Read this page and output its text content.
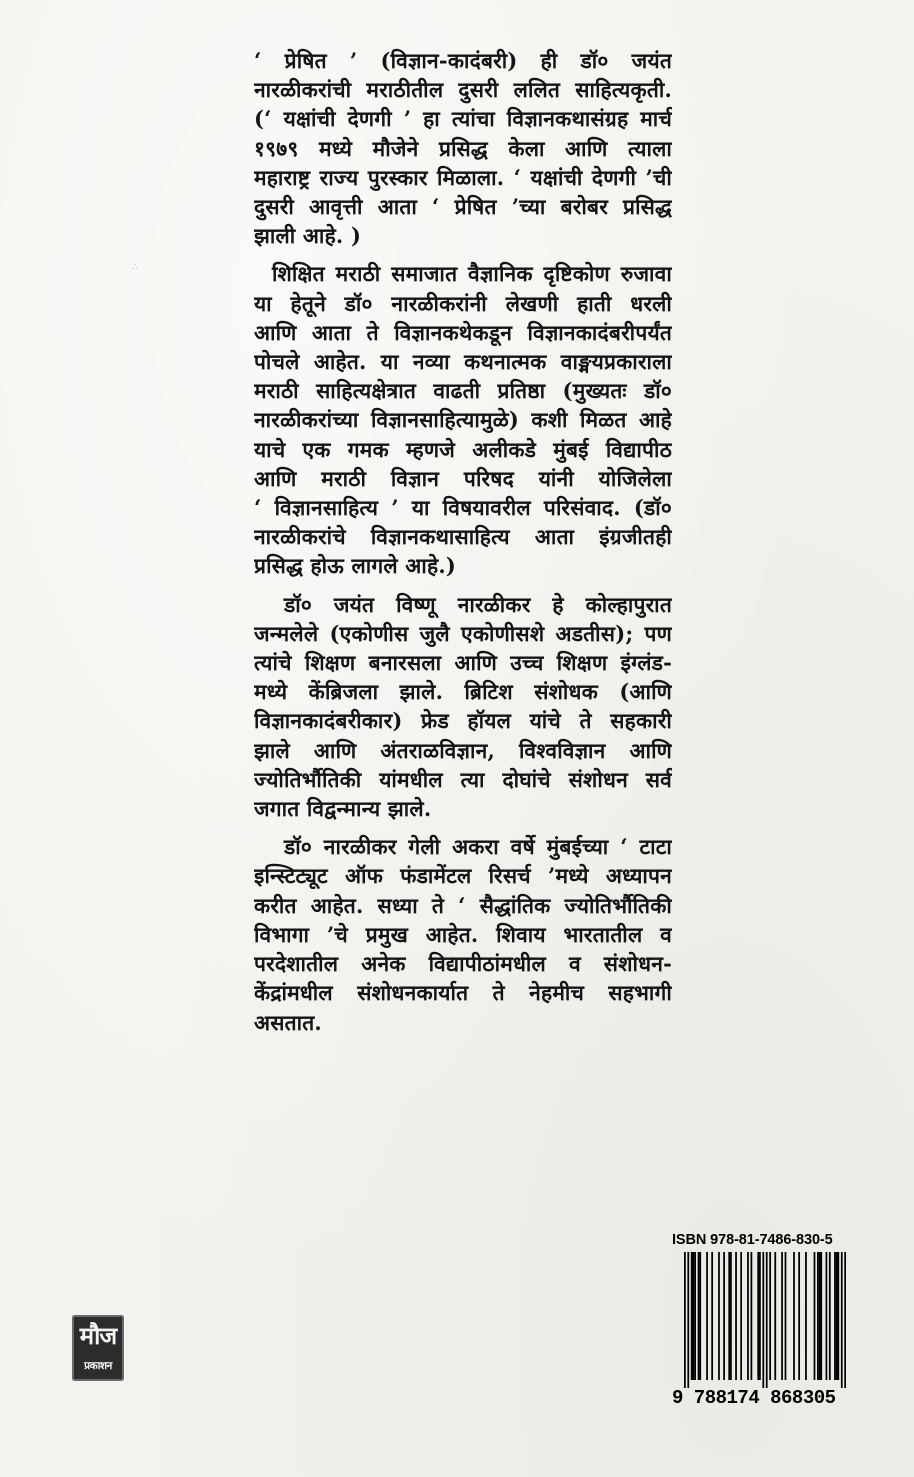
∴

‘ प्रेषित ’ (विज्ञान-कादंबरी) ही डॉ० जयंत
नारळीकरांची मराठीतील दुसरी ललित साहित्यकृती.
(‘ यक्षांची देणगी ’ हा त्यांचा विज्ञानकथासंग्रह मार्च
१९७९ मध्ये मौजेने प्रसिद्ध केला आणि त्याला
महाराष्ट्र राज्य पुरस्कार मिळाला. ‘ यक्षांची देणगी ’ची
दुसरी आवृत्ती आता ‘ प्रेषित ’च्या बरोबर प्रसिद्ध
झाली आहे. )

शिक्षित मराठी समाजात वैज्ञानिक दृष्टिकोण रुजावा
या हेतूने डॉ० नारळीकरांनी लेखणी हाती धरली
आणि आता ते विज्ञानकथेकडून विज्ञानकादंबरीपर्यंत
पोचले आहेत. या नव्या कथनात्मक वाङ्मयप्रकाराला
मराठी साहित्यक्षेत्रात वाढती प्रतिष्ठा (मुख्यतः डॉ०
नारळीकरांच्या विज्ञानसाहित्यामुळे) कशी मिळत आहे
याचे एक गमक म्हणजे अलीकडे मुंबई विद्यापीठ
आणि मराठी विज्ञान परिषद यांनी योजिलेला
‘ विज्ञानसाहित्य ’ या विषयावरील परिसंवाद. (डॉ०
नारळीकरांचे विज्ञानकथासाहित्य आता इंग्रजीतही
प्रसिद्ध होऊ लागले आहे.)

डॉ० जयंत विष्णू नारळीकर हे कोल्हापुरात
जन्मलेले (एकोणीस जुलै एकोणीसशे अडतीस); पण
त्यांचे शिक्षण बनारसला आणि उच्च शिक्षण इंग्लंड-
मध्ये केंब्रिजला झाले. ब्रिटिश संशोधक (आणि
विज्ञानकादंबरीकार) फ्रेड हॉयल यांचे ते सहकारी
झाले आणि अंतराळविज्ञान, विश्वविज्ञान आणि
ज्योतिर्भौतिकी यांमधील त्या दोघांचे संशोधन सर्व
जगात विद्वन्मान्य झाले.

डॉ० नारळीकर गेली अकरा वर्षे मुंबईच्या ‘ टाटा
इन्स्टिट्यूट ऑफ फंडामेंटल रिसर्च ’मध्ये अध्यापन
करीत आहेत. सध्या ते ‘ सैद्धांतिक ज्योतिर्भौतिकी
विभागा ’चे प्रमुख आहेत. शिवाय भारतातील व
परदेशातील अनेक विद्यापीठांमधील व संशोधन-
केंद्रांमधील संशोधनकार्यात ते नेहमीच सहभागी
असतात.

मौज
प्रकाशन
ISBN 978-81-7486-830-5
9 788174 868305
